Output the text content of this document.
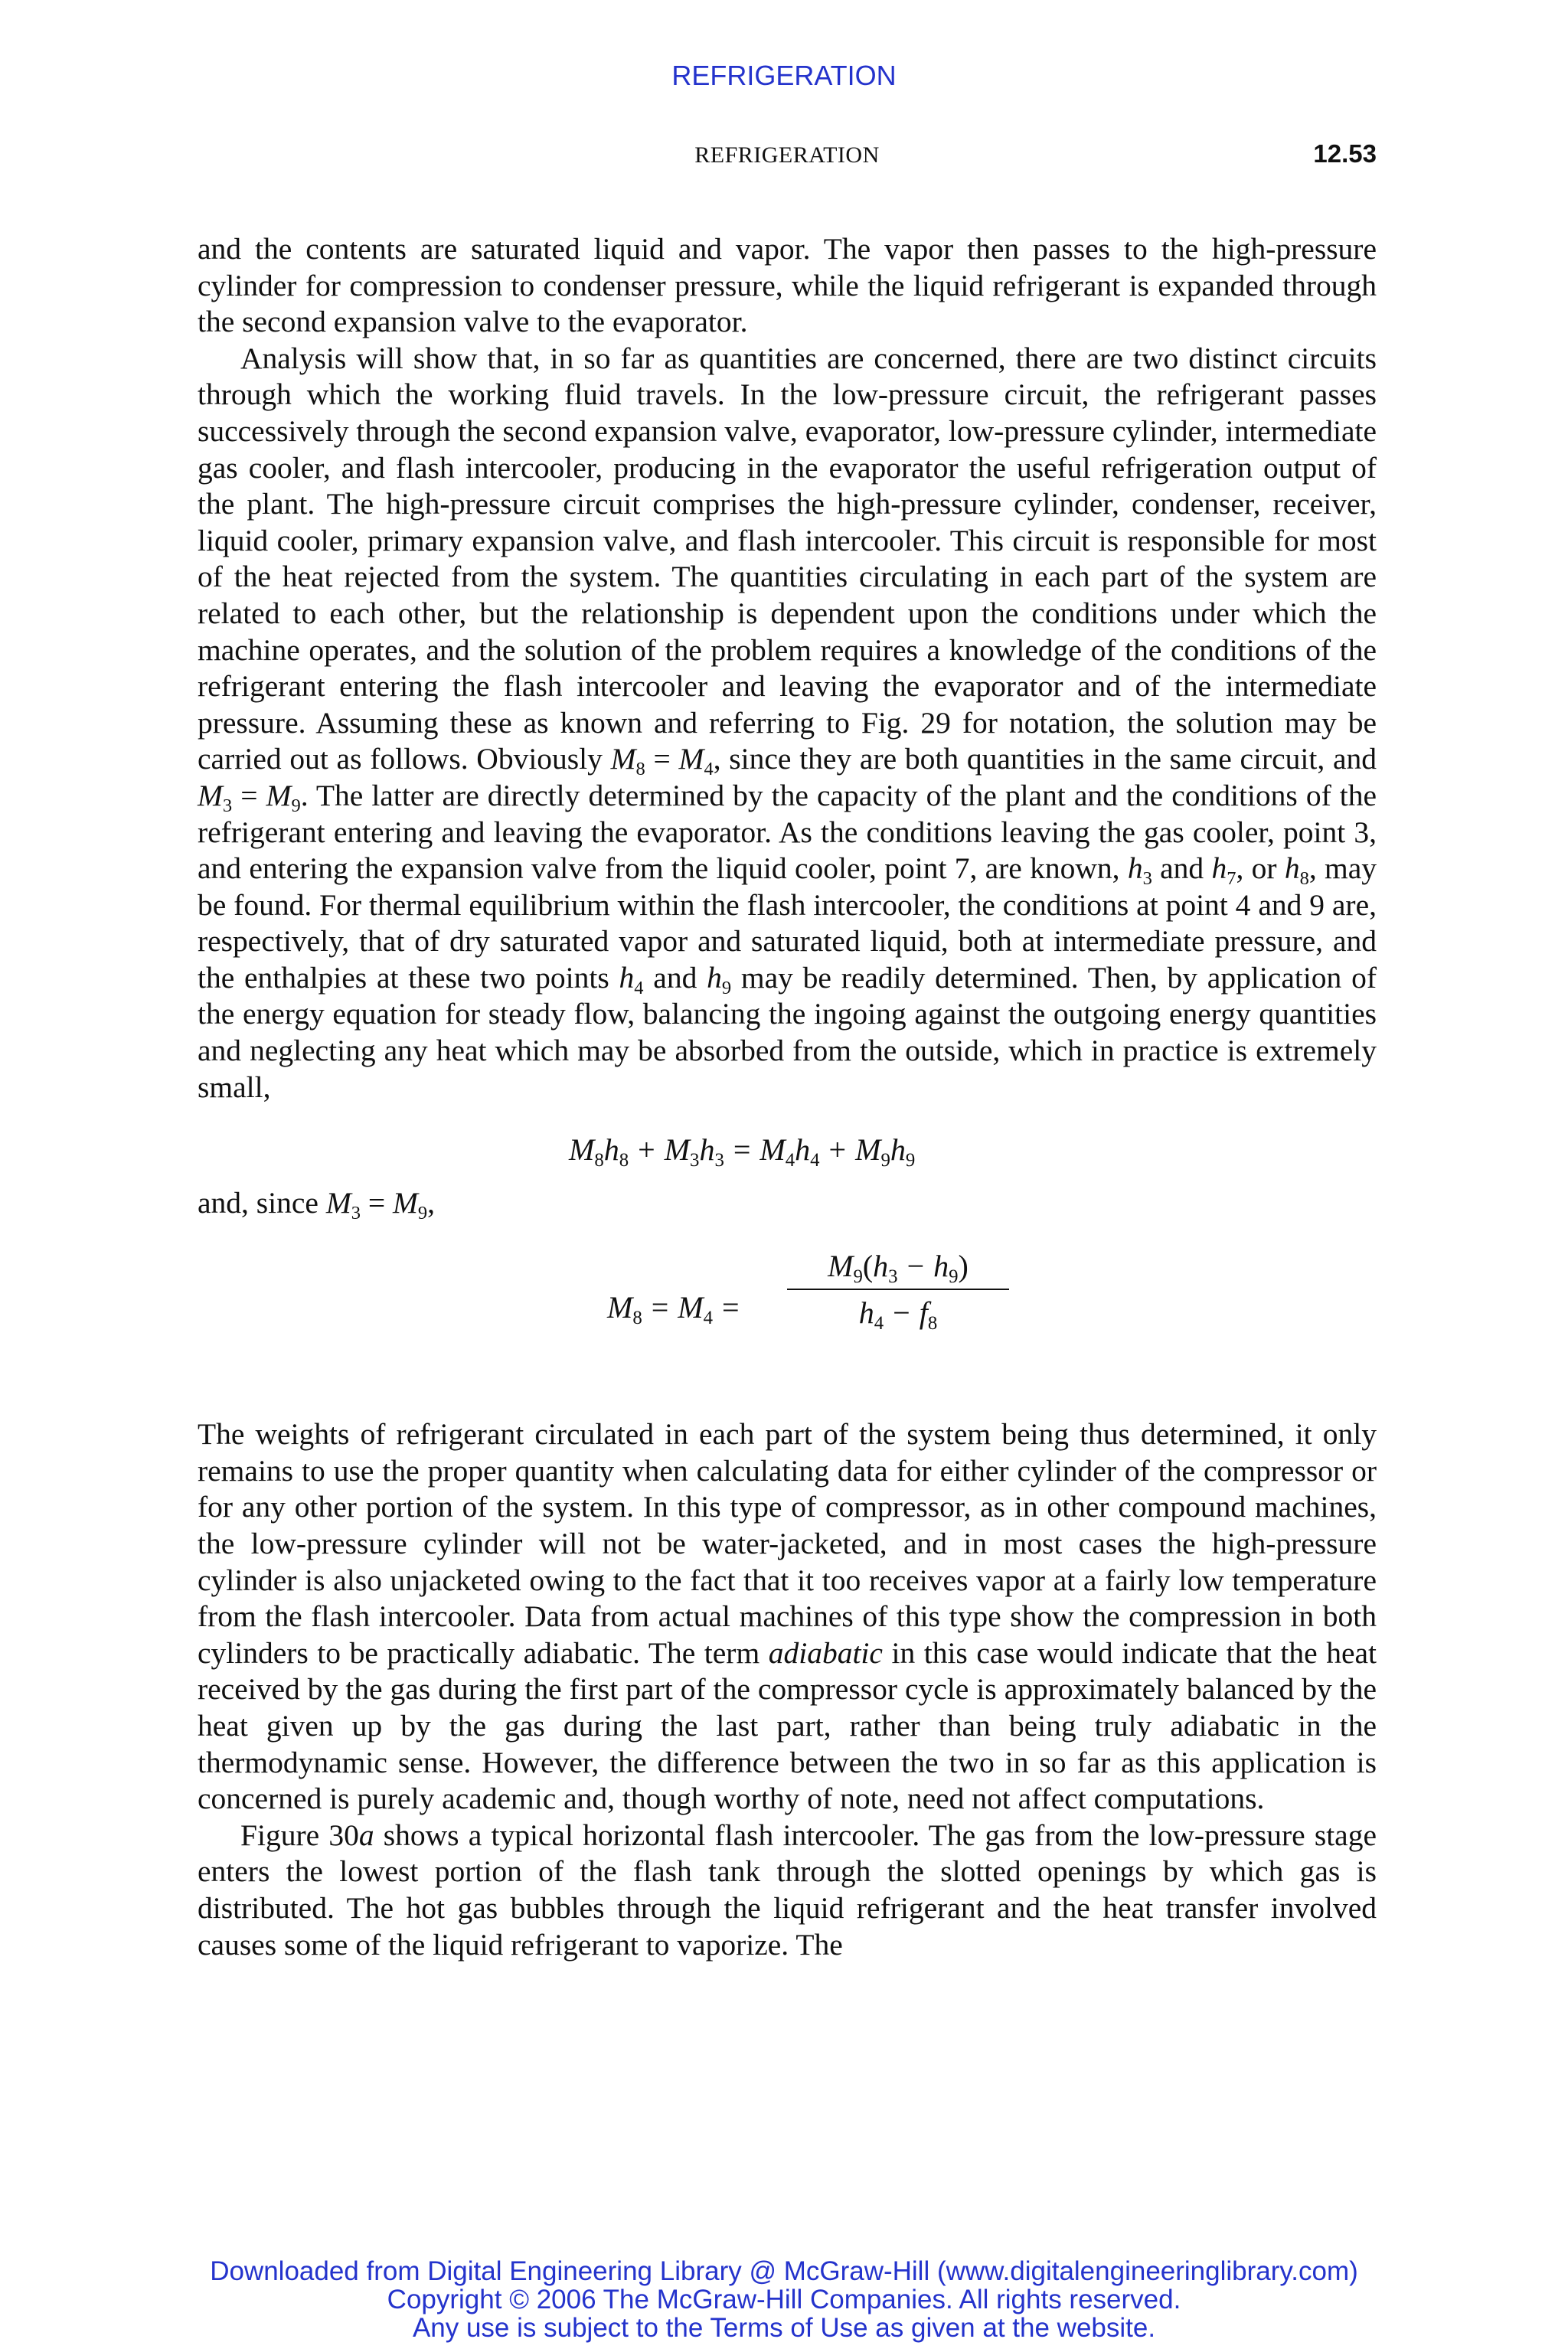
REFRIGERATION
REFRIGERATION	12.53

and the contents are saturated liquid and vapor. The vapor then passes to the high-pressure cylinder for compression to condenser pressure, while the liquid refrigerant is expanded through the second expansion valve to the evaporator.

Analysis will show that, in so far as quantities are concerned, there are two distinct circuits through which the working fluid travels. In the low-pressure circuit, the refrigerant passes successively through the second expansion valve, evaporator, low-pressure cylinder, intermediate gas cooler, and flash intercooler, producing in the evaporator the useful refrigeration output of the plant. The high-pressure circuit comprises the high-pressure cylinder, condenser, receiver, liquid cooler, primary expansion valve, and flash intercooler. This circuit is responsible for most of the heat rejected from the system. The quantities circulating in each part of the system are related to each other, but the relationship is dependent upon the conditions under which the machine operates, and the solution of the problem requires a knowledge of the conditions of the refrigerant entering the flash intercooler and leaving the evaporator and of the intermediate pressure. Assuming these as known and referring to Fig. 29 for notation, the solution may be carried out as follows. Obviously $M_8 = M_4$, since they are both quantities in the same circuit, and $M_3 = M_9$. The latter are directly determined by the capacity of the plant and the conditions of the refrigerant entering and leaving the evaporator. As the conditions leaving the gas cooler, point 3, and entering the expansion valve from the liquid cooler, point 7, are known, $h_3$ and $h_7$, or $h_8$, may be found. For thermal equilibrium within the flash intercooler, the conditions at point 4 and 9 are, respectively, that of dry saturated vapor and saturated liquid, both at intermediate pressure, and the enthalpies at these two points $h_4$ and $h_9$ may be readily determined. Then, by application of the energy equation for steady flow, balancing the ingoing against the outgoing energy quantities and neglecting any heat which may be absorbed from the outside, which in practice is extremely small,

$M_8h_8 + M_3h_3 = M_4h_4 + M_9h_9$

and, since $M_3 = M_9$,

$M_8 = M_4$ =	$\frac{M_9(h_3 - h_9)}{h_4 - f_8}$

The weights of refrigerant circulated in each part of the system being thus determined, it only remains to use the proper quantity when calculating data for either cylinder of the compressor or for any other portion of the system. In this type of compressor, as in other compound machines, the low-pressure cylinder will not be water-jacketed, and in most cases the high-pressure cylinder is also unjacketed owing to the fact that it too receives vapor at a fairly low temperature from the flash intercooler. Data from actual machines of this type show the compression in both cylinders to be practically adiabatic. The term adiabatic in this case would indicate that the heat received by the gas during the first part of the compressor cycle is approximately balanced by the heat given up by the gas during the last part, rather than being truly adiabatic in the thermodynamic sense. However, the difference between the two in so far as this application is concerned is purely academic and, though worthy of note, need not affect computations.

Figure 30a shows a typical horizontal flash intercooler. The gas from the low-pressure stage enters the lowest portion of the flash tank through the slotted openings by which gas is distributed. The hot gas bubbles through the liquid refrigerant and the heat transfer involved causes some of the liquid refrigerant to vaporize. The

Downloaded from Digital Engineering Library @ McGraw-Hill (www.digitalengineeringlibrary.com)
Copyright © 2006 The McGraw-Hill Companies. All rights reserved.
Any use is subject to the Terms of Use as given at the website.
